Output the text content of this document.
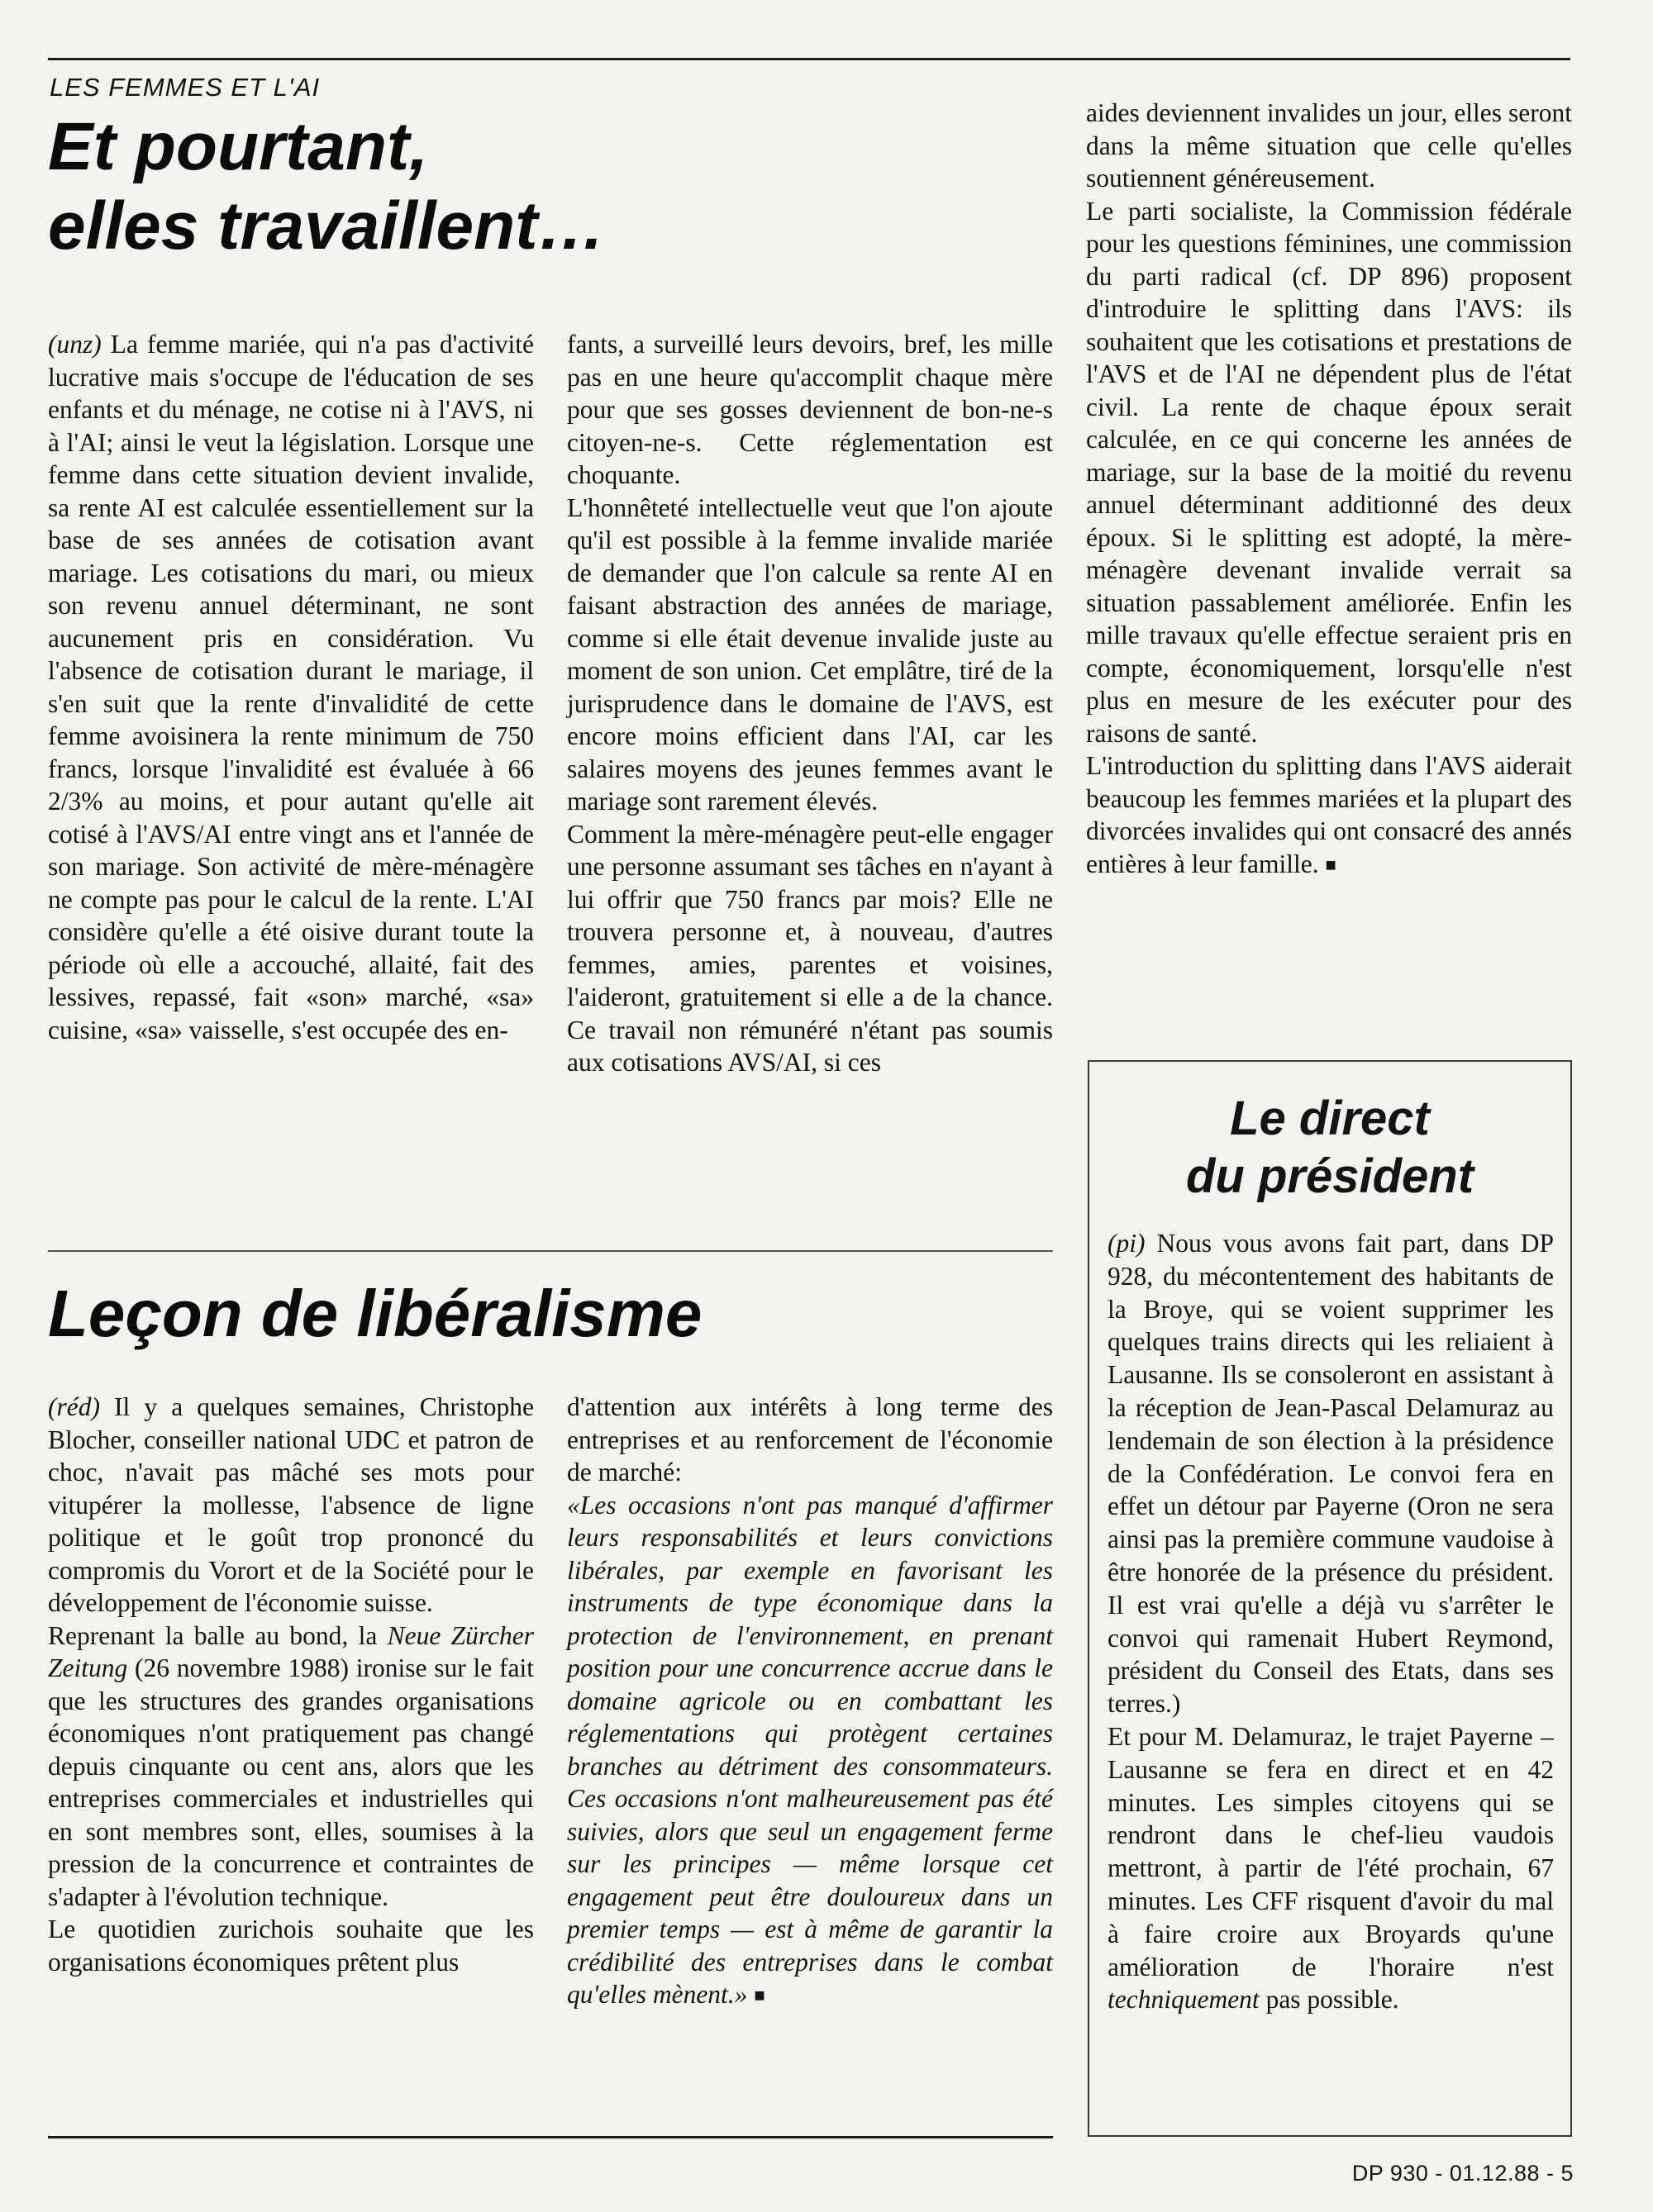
LES FEMMES ET L'AI
Et pourtant,
elles travaillent…

(unz) La femme mariée, qui n'a pas d'activité lucrative mais s'occupe de l'éducation de ses enfants et du ménage, ne cotise ni à l'AVS, ni à l'AI; ainsi le veut la législation. Lorsque une femme dans cette situation devient invalide, sa rente AI est calculée essentiellement sur la base de ses années de cotisation avant mariage. Les cotisations du mari, ou mieux son revenu annuel déterminant, ne sont aucunement pris en considération. Vu l'absence de cotisation durant le mariage, il s'en suit que la rente d'invalidité de cette femme avoisinera la rente minimum de 750 francs, lorsque l'invalidité est évaluée à 66 2/3% au moins, et pour autant qu'elle ait cotisé à l'AVS/AI entre vingt ans et l'année de son mariage. Son activité de mère-ménagère ne compte pas pour le calcul de la rente. L'AI considère qu'elle a été oisive durant toute la période où elle a accouché, allaité, fait des lessives, repassé, fait «son» marché, «sa» cuisine, «sa» vaisselle, s'est occupée des en-

fants, a surveillé leurs devoirs, bref, les mille pas en une heure qu'accomplit chaque mère pour que ses gosses deviennent de bon-ne-s citoyen-ne-s. Cette réglementation est choquante.

L'honnêteté intellectuelle veut que l'on ajoute qu'il est possible à la femme invalide mariée de demander que l'on calcule sa rente AI en faisant abstraction des années de mariage, comme si elle était devenue invalide juste au moment de son union. Cet emplâtre, tiré de la jurisprudence dans le domaine de l'AVS, est encore moins efficient dans l'AI, car les salaires moyens des jeunes femmes avant le mariage sont rarement élevés.

Comment la mère-ménagère peut-elle engager une personne assumant ses tâches en n'ayant à lui offrir que 750 francs par mois? Elle ne trouvera personne et, à nouveau, d'autres femmes, amies, parentes et voisines, l'aideront, gratuitement si elle a de la chance. Ce travail non rémunéré n'étant pas soumis aux cotisations AVS/AI, si ces

aides deviennent invalides un jour, elles seront dans la même situation que celle qu'elles soutiennent généreusement.

Le parti socialiste, la Commission fédérale pour les questions féminines, une commission du parti radical (cf. DP 896) proposent d'introduire le splitting dans l'AVS: ils souhaitent que les cotisations et prestations de l'AVS et de l'AI ne dépendent plus de l'état civil. La rente de chaque époux serait calculée, en ce qui concerne les années de mariage, sur la base de la moitié du revenu annuel déterminant additionné des deux époux. Si le splitting est adopté, la mère-ménagère devenant invalide verrait sa situation passablement améliorée. Enfin les mille travaux qu'elle effectue seraient pris en compte, économiquement, lorsqu'elle n'est plus en mesure de les exécuter pour des raisons de santé.

L'introduction du splitting dans l'AVS aiderait beaucoup les femmes mariées et la plupart des divorcées invalides qui ont consacré des annés entières à leur famille. ■

Leçon de libéralisme

(réd) Il y a quelques semaines, Christophe Blocher, conseiller national UDC et patron de choc, n'avait pas mâché ses mots pour vitupérer la mollesse, l'absence de ligne politique et le goût trop prononcé du compromis du Vorort et de la Société pour le développement de l'économie suisse.

Reprenant la balle au bond, la Neue Zürcher Zeitung (26 novembre 1988) ironise sur le fait que les structures des grandes organisations économiques n'ont pratiquement pas changé depuis cinquante ou cent ans, alors que les entreprises commerciales et industrielles qui en sont membres sont, elles, soumises à la pression de la concurrence et contraintes de s'adapter à l'évolution technique.

Le quotidien zurichois souhaite que les organisations économiques prêtent plus

d'attention aux intérêts à long terme des entreprises et au renforcement de l'économie de marché:

«Les occasions n'ont pas manqué d'affirmer leurs responsabilités et leurs convictions libérales, par exemple en favorisant les instruments de type économique dans la protection de l'environnement, en prenant position pour une concurrence accrue dans le domaine agricole ou en combattant les réglementations qui protègent certaines branches au détriment des consommateurs. Ces occasions n'ont malheureusement pas été suivies, alors que seul un engagement ferme sur les principes — même lorsque cet engagement peut être douloureux dans un premier temps — est à même de garantir la crédibilité des entreprises dans le combat qu'elles mènent.» ■

Le direct
du président

(pi) Nous vous avons fait part, dans DP 928, du mécontentement des habitants de la Broye, qui se voient supprimer les quelques trains directs qui les reliaient à Lausanne. Ils se consoleront en assistant à la réception de Jean-Pascal Delamuraz au lendemain de son élection à la présidence de la Confédération. Le convoi fera en effet un détour par Payerne (Oron ne sera ainsi pas la première commune vaudoise à être honorée de la présence du président. Il est vrai qu'elle a déjà vu s'arrêter le convoi qui ramenait Hubert Reymond, président du Conseil des Etats, dans ses terres.)

Et pour M. Delamuraz, le trajet Payerne – Lausanne se fera en direct et en 42 minutes. Les simples citoyens qui se rendront dans le chef-lieu vaudois mettront, à partir de l'été prochain, 67 minutes. Les CFF risquent d'avoir du mal à faire croire aux Broyards qu'une amélioration de l'horaire n'est techniquement pas possible.

DP 930 - 01.12.88 - 5
